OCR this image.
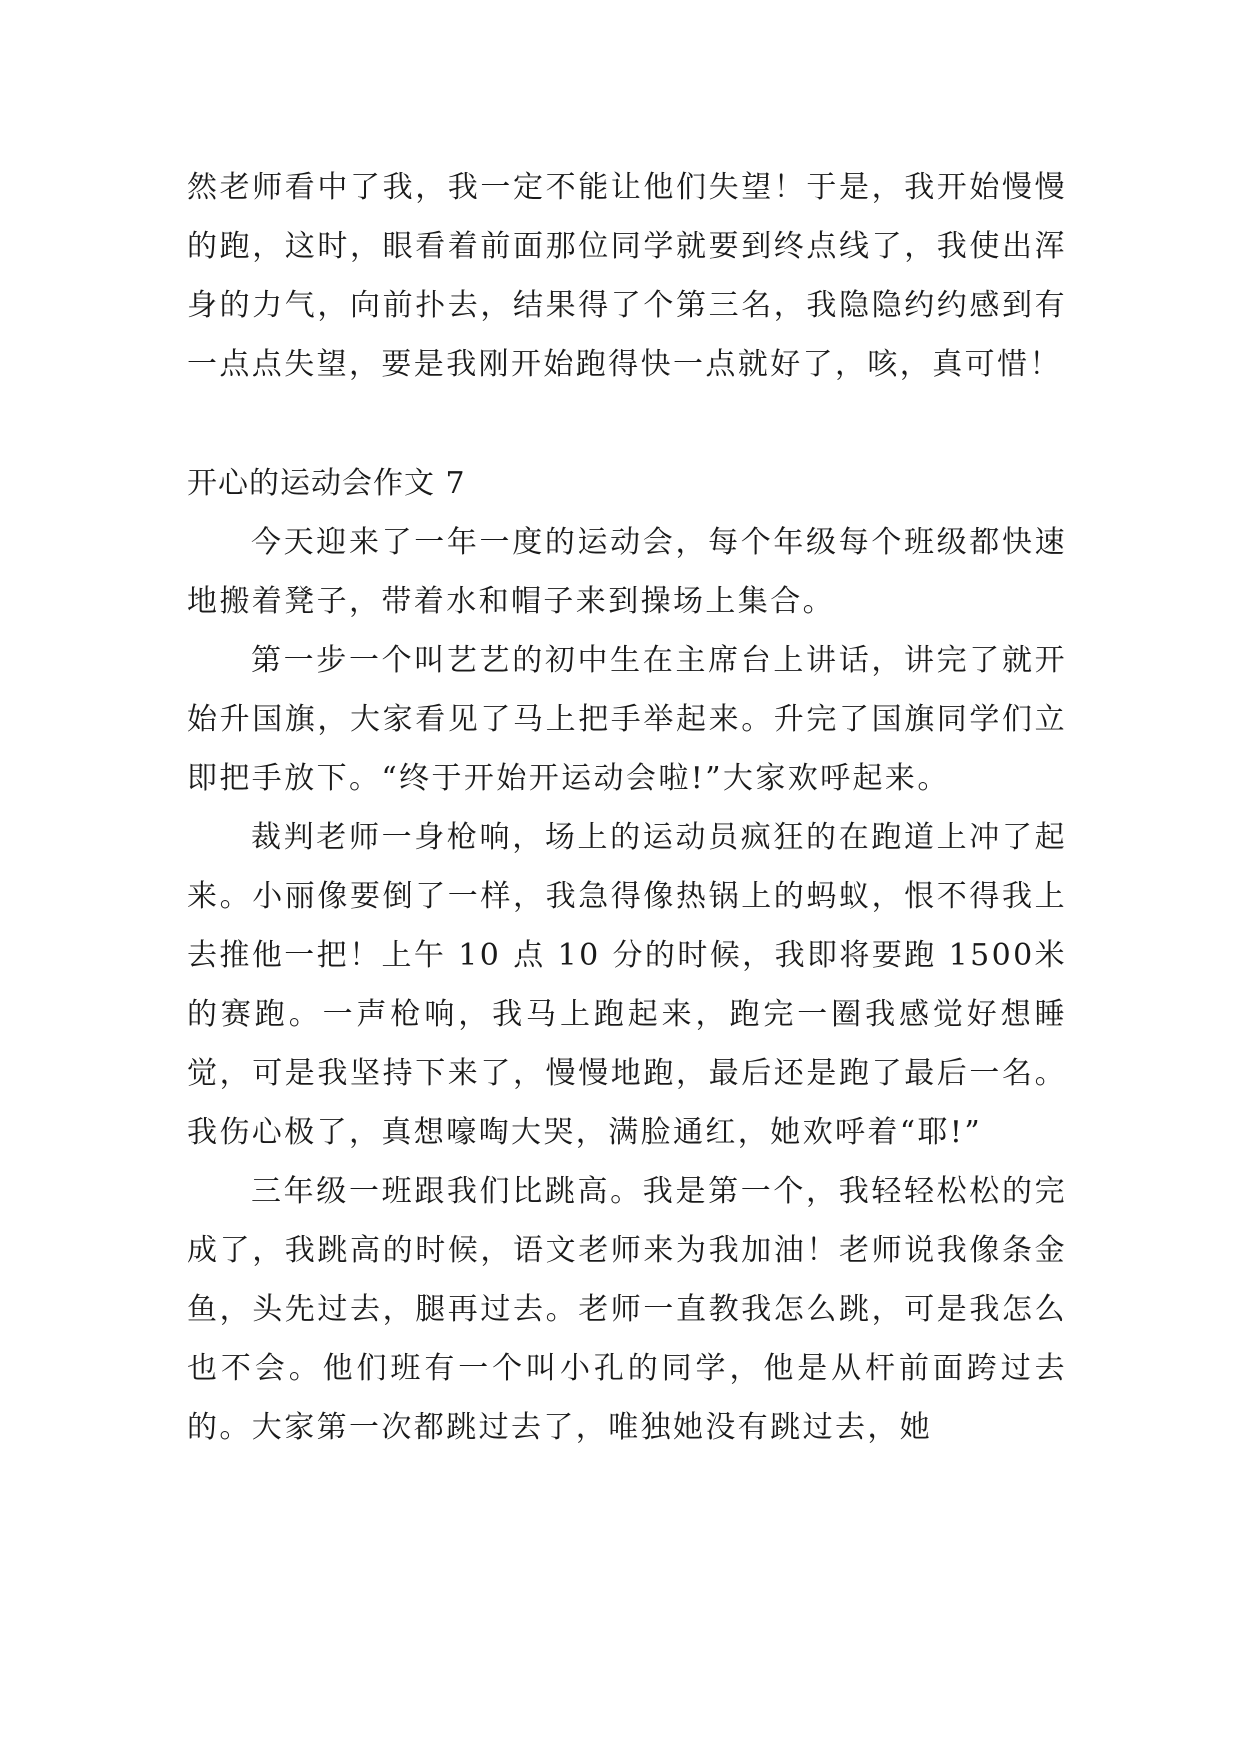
然老师看中了我，我一定不能让他们失望！于是，我开始慢慢的跑，这时，眼看着前面那位同学就要到终点线了，我使出浑身的力气，向前扑去，结果得了个第三名，我隐隐约约感到有一点点失望，要是我刚开始跑得快一点就好了，咳，真可惜！

开心的运动会作文 7

今天迎来了一年一度的运动会，每个年级每个班级都快速地搬着凳子，带着水和帽子来到操场上集合。

第一步一个叫艺艺的初中生在主席台上讲话，讲完了就开始升国旗，大家看见了马上把手举起来。升完了国旗同学们立即把手放下。“终于开始开运动会啦!”大家欢呼起来。

裁判老师一身枪响，场上的运动员疯狂的在跑道上冲了起来。小丽像要倒了一样，我急得像热锅上的蚂蚁，恨不得我上去推他一把！上午 10 点 10 分的时候，我即将要跑 1500米的赛跑。一声枪响，我马上跑起来，跑完一圈我感觉好想睡觉，可是我坚持下来了，慢慢地跑，最后还是跑了最后一名。我伤心极了，真想嚎啕大哭，满脸通红，她欢呼着“耶!”

三年级一班跟我们比跳高。我是第一个，我轻轻松松的完成了，我跳高的时候，语文老师来为我加油！老师说我像条金鱼，头先过去，腿再过去。老师一直教我怎么跳，可是我怎么也不会。他们班有一个叫小孔的同学，他是从杆前面跨过去的。大家第一次都跳过去了，唯独她没有跳过去，她
